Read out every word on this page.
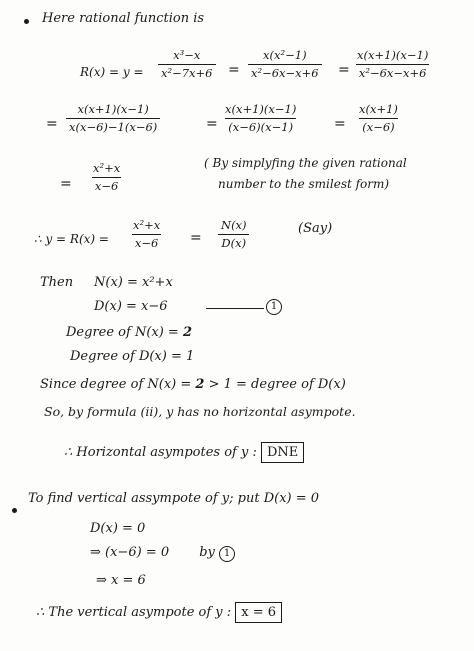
Here rational function is
$R(x) = y = \frac{\text{x³−x}}{\text{x²−7x+6}} = \frac{\text{x(x²−1)}}{\text{x²−6x−x+6}} = \frac{x(x+1)(x-1)}{\text{x²−6x−x+6}}$
= $\frac{x(x+1)(x-1)}{x(x-6)-1(x-6)}$	= $\frac{x(x+1)(x-1)}{(x-6)(x-1)} = \frac{x(x+1)}{(x-6)}$
= $\frac{\text{x²+x}}{x-6}$	( By simplyfing the given rational
number to the smilest form)
∴ $y = R(x) = \frac{\text{x²+x}}{x-6} = \frac{N(x)}{D(x)}$	(Say)
Then N(x) = x²+x
D(x) = x−6	1
Degree of N(x) = 2
Degree of D(x) = 1
Since degree of N(x) = 2 > 1 = degree of D(x)
So, by formula (ii), y has no horizontal asympote.
∴ Horizontal asympotes of y : DNE
To find vertical assympote of y; put D(x) = 0
D(x) = 0
⇒ (x−6) = 0 by 1
⇒ x = 6
∴ The vertical asympote of y : x = 6
